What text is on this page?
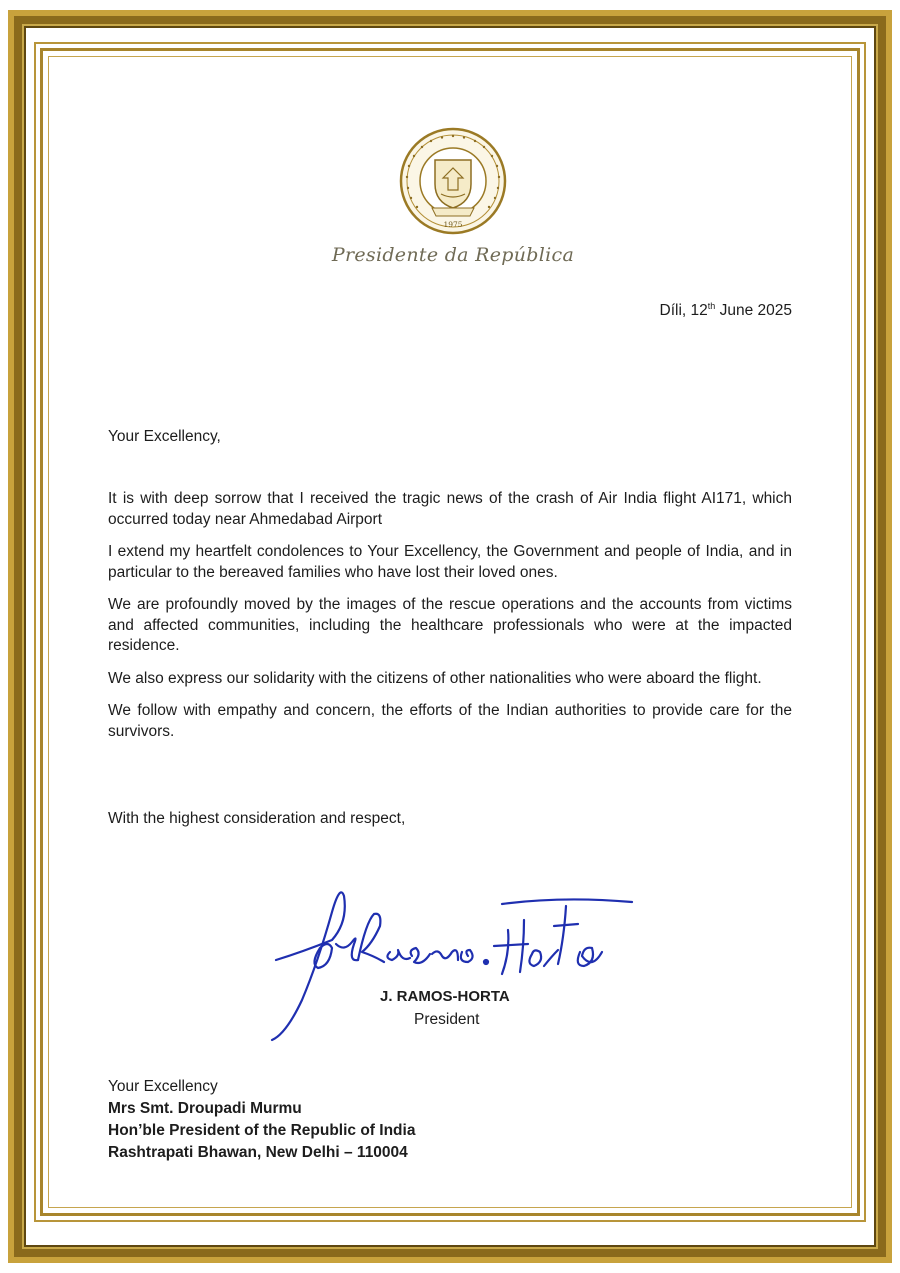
1975
Presidente da República
Díli, 12th June 2025
Your Excellency,

It is with deep sorrow that I received the tragic news of the crash of Air India flight AI171, which occurred today near Ahmedabad Airport

I extend my heartfelt condolences to Your Excellency, the Government and people of India, and in particular to the bereaved families who have lost their loved ones.

We are profoundly moved by the images of the rescue operations and the accounts from victims and affected communities, including the healthcare professionals who were at the impacted residence.

We also express our solidarity with the citizens of other nationalities who were aboard the flight.

We follow with empathy and concern, the efforts of the Indian authorities to provide care for the survivors.

With the highest consideration and respect,
J. RAMOS-HORTA
President
Your Excellency
Mrs Smt. Droupadi Murmu
Hon’ble President of the Republic of India
Rashtrapati Bhawan, New Delhi – 110004
